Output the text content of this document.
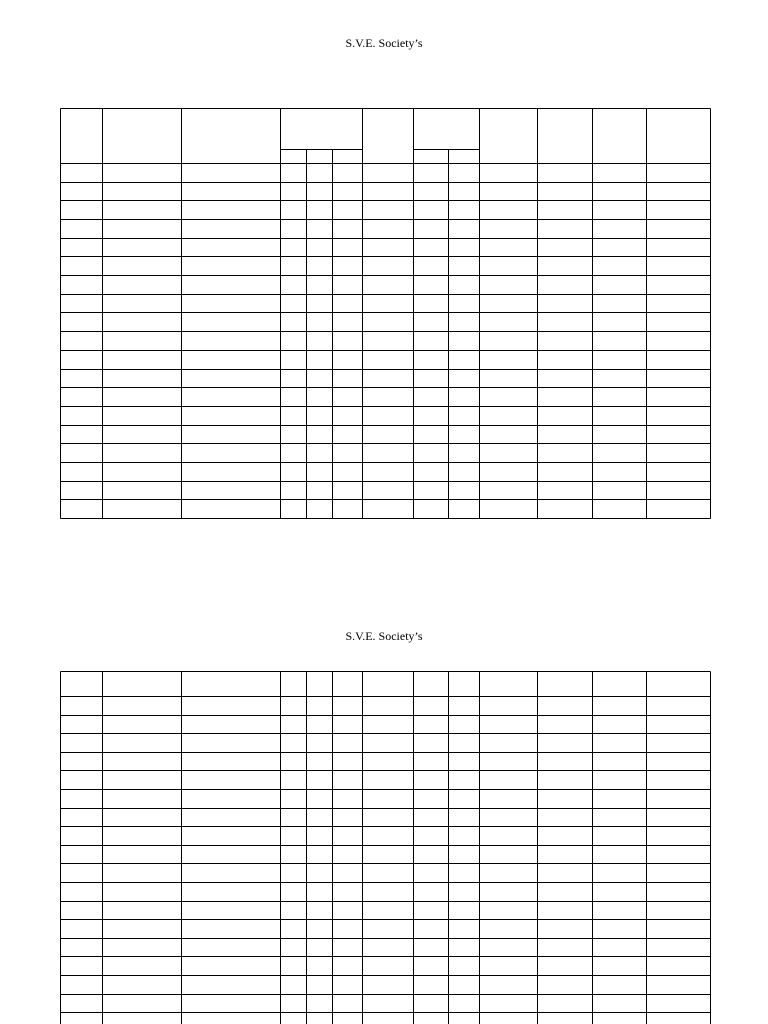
S.V.E. Society’s
S.V.E. Society’s
